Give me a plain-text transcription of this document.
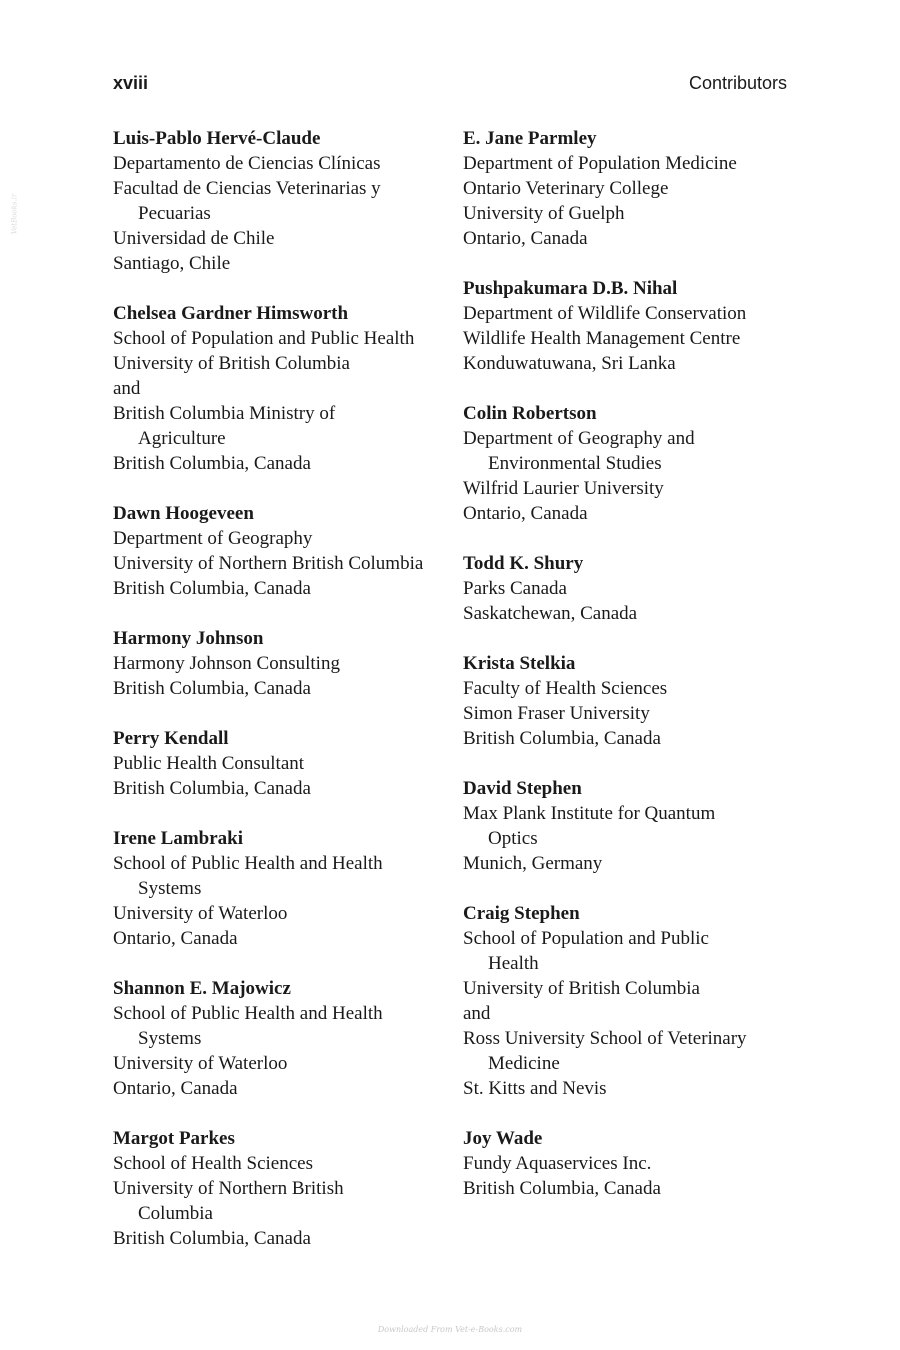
xviii	Contributors
Luis-Pablo Hervé-Claude
Departamento de Ciencias Clínicas
Facultad de Ciencias Veterinarias y
Pecuarias
Universidad de Chile
Santiago, Chile
Chelsea Gardner Himsworth
School of Population and Public Health
University of British Columbia
and
British Columbia Ministry of
Agriculture
British Columbia, Canada
Dawn Hoogeveen
Department of Geography
University of Northern British Columbia
British Columbia, Canada
Harmony Johnson
Harmony Johnson Consulting
British Columbia, Canada
Perry Kendall
Public Health Consultant
British Columbia, Canada
Irene Lambraki
School of Public Health and Health
Systems
University of Waterloo
Ontario, Canada
Shannon E. Majowicz
School of Public Health and Health
Systems
University of Waterloo
Ontario, Canada
Margot Parkes
School of Health Sciences
University of Northern British
Columbia
British Columbia, Canada
E. Jane Parmley
Department of Population Medicine
Ontario Veterinary College
University of Guelph
Ontario, Canada
Pushpakumara D.B. Nihal
Department of Wildlife Conservation
Wildlife Health Management Centre
Konduwatuwana, Sri Lanka
Colin Robertson
Department of Geography and
Environmental Studies
Wilfrid Laurier University
Ontario, Canada
Todd K. Shury
Parks Canada
Saskatchewan, Canada
Krista Stelkia
Faculty of Health Sciences
Simon Fraser University
British Columbia, Canada
David Stephen
Max Plank Institute for Quantum
Optics
Munich, Germany
Craig Stephen
School of Population and Public
Health
University of British Columbia
and
Ross University School of Veterinary
Medicine
St. Kitts and Nevis
Joy Wade
Fundy Aquaservices Inc.
British Columbia, Canada
VetBooks.ir
Downloaded From Vet-e-Books.com
